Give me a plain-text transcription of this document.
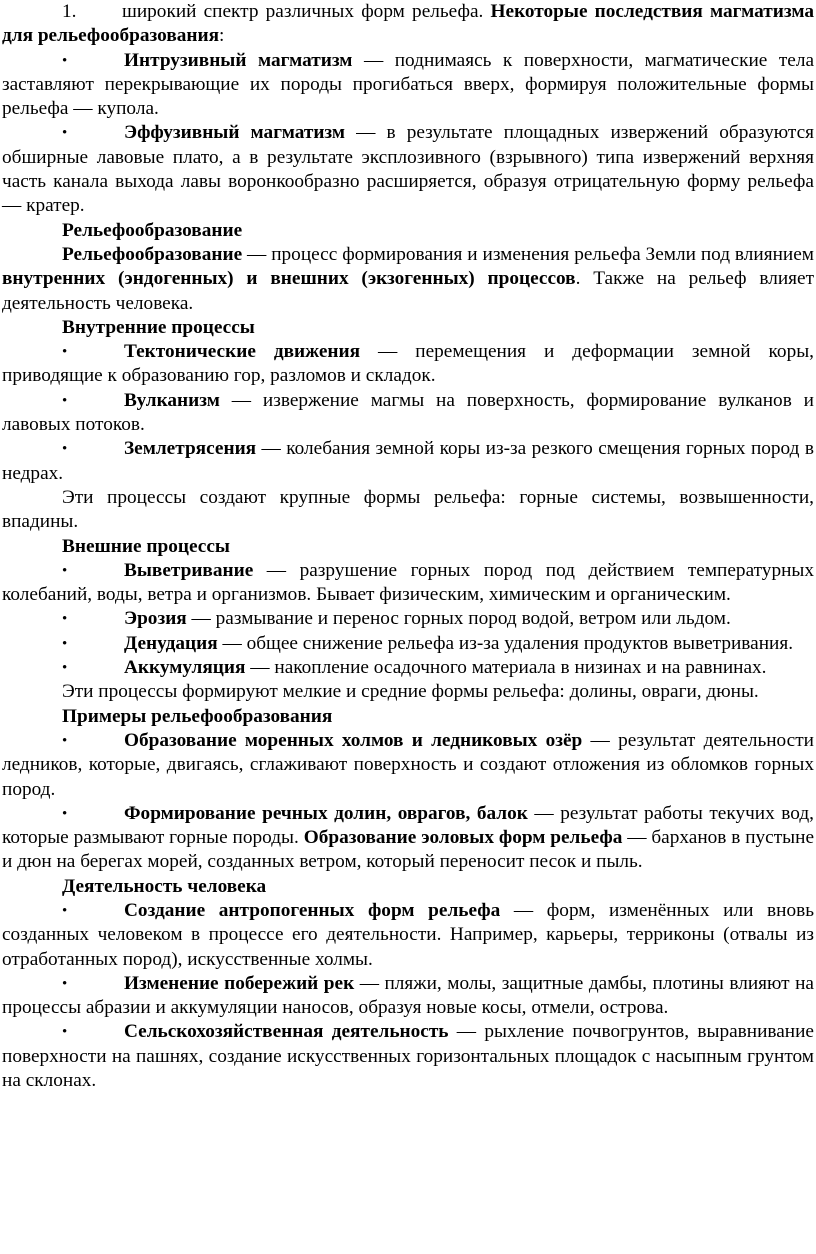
1. широкий спектр различных форм рельефа. Некоторые последствия магматизма для рельефообразования:

•	Интрузивный магматизм — поднимаясь к поверхности, магматические тела заставляют перекрывающие их породы прогибаться вверх, формируя положительные формы рельефа — купола.

•	Эффузивный магматизм — в результате площадных извержений образуются обширные лавовые плато, а в результате эксплозивного (взрывного) типа извержений верхняя часть канала выхода лавы воронкообразно расширяется, образуя отрицательную форму рельефа — кратер.

Рельефообразование

Рельефообразование — процесс формирования и изменения рельефа Земли под влиянием внутренних (эндогенных) и внешних (экзогенных) процессов. Также на рельеф влияет деятельность человека.

Внутренние процессы

•	Тектонические движения — перемещения и деформации земной коры, приводящие к образованию гор, разломов и складок.

•	Вулканизм — извержение магмы на поверхность, формирование вулканов и лавовых потоков.

•	Землетрясения — колебания земной коры из-за резкого смещения горных пород в недрах.

Эти процессы создают крупные формы рельефа: горные системы, возвышенности, впадины.

Внешние процессы

•	Выветривание — разрушение горных пород под действием температурных колебаний, воды, ветра и организмов. Бывает физическим, химическим и органическим.

•	Эрозия — размывание и перенос горных пород водой, ветром или льдом.

•	Денудация — общее снижение рельефа из-за удаления продуктов выветривания.

•	Аккумуляция — накопление осадочного материала в низинах и на равнинах.

Эти процессы формируют мелкие и средние формы рельефа: долины, овраги, дюны.

Примеры рельефообразования

•	Образование моренных холмов и ледниковых озёр — результат деятельности ледников, которые, двигаясь, сглаживают поверхность и создают отложения из обломков горных пород.

•	Формирование речных долин, оврагов, балок — результат работы текучих вод, которые размывают горные породы. Образование эоловых форм рельефа — барханов в пустыне и дюн на берегах морей, созданных ветром, который переносит песок и пыль.

Деятельность человека

•	Создание антропогенных форм рельефа — форм, изменённых или вновь созданных человеком в процессе его деятельности. Например, карьеры, терриконы (отвалы из отработанных пород), искусственные холмы.

•	Изменение побережий рек — пляжи, молы, защитные дамбы, плотины влияют на процессы абразии и аккумуляции наносов, образуя новые косы, отмели, острова.

•	Сельскохозяйственная деятельность — рыхление почвогрунтов, выравнивание поверхности на пашнях, создание искусственных горизонтальных площадок с насыпным грунтом на склонах.
